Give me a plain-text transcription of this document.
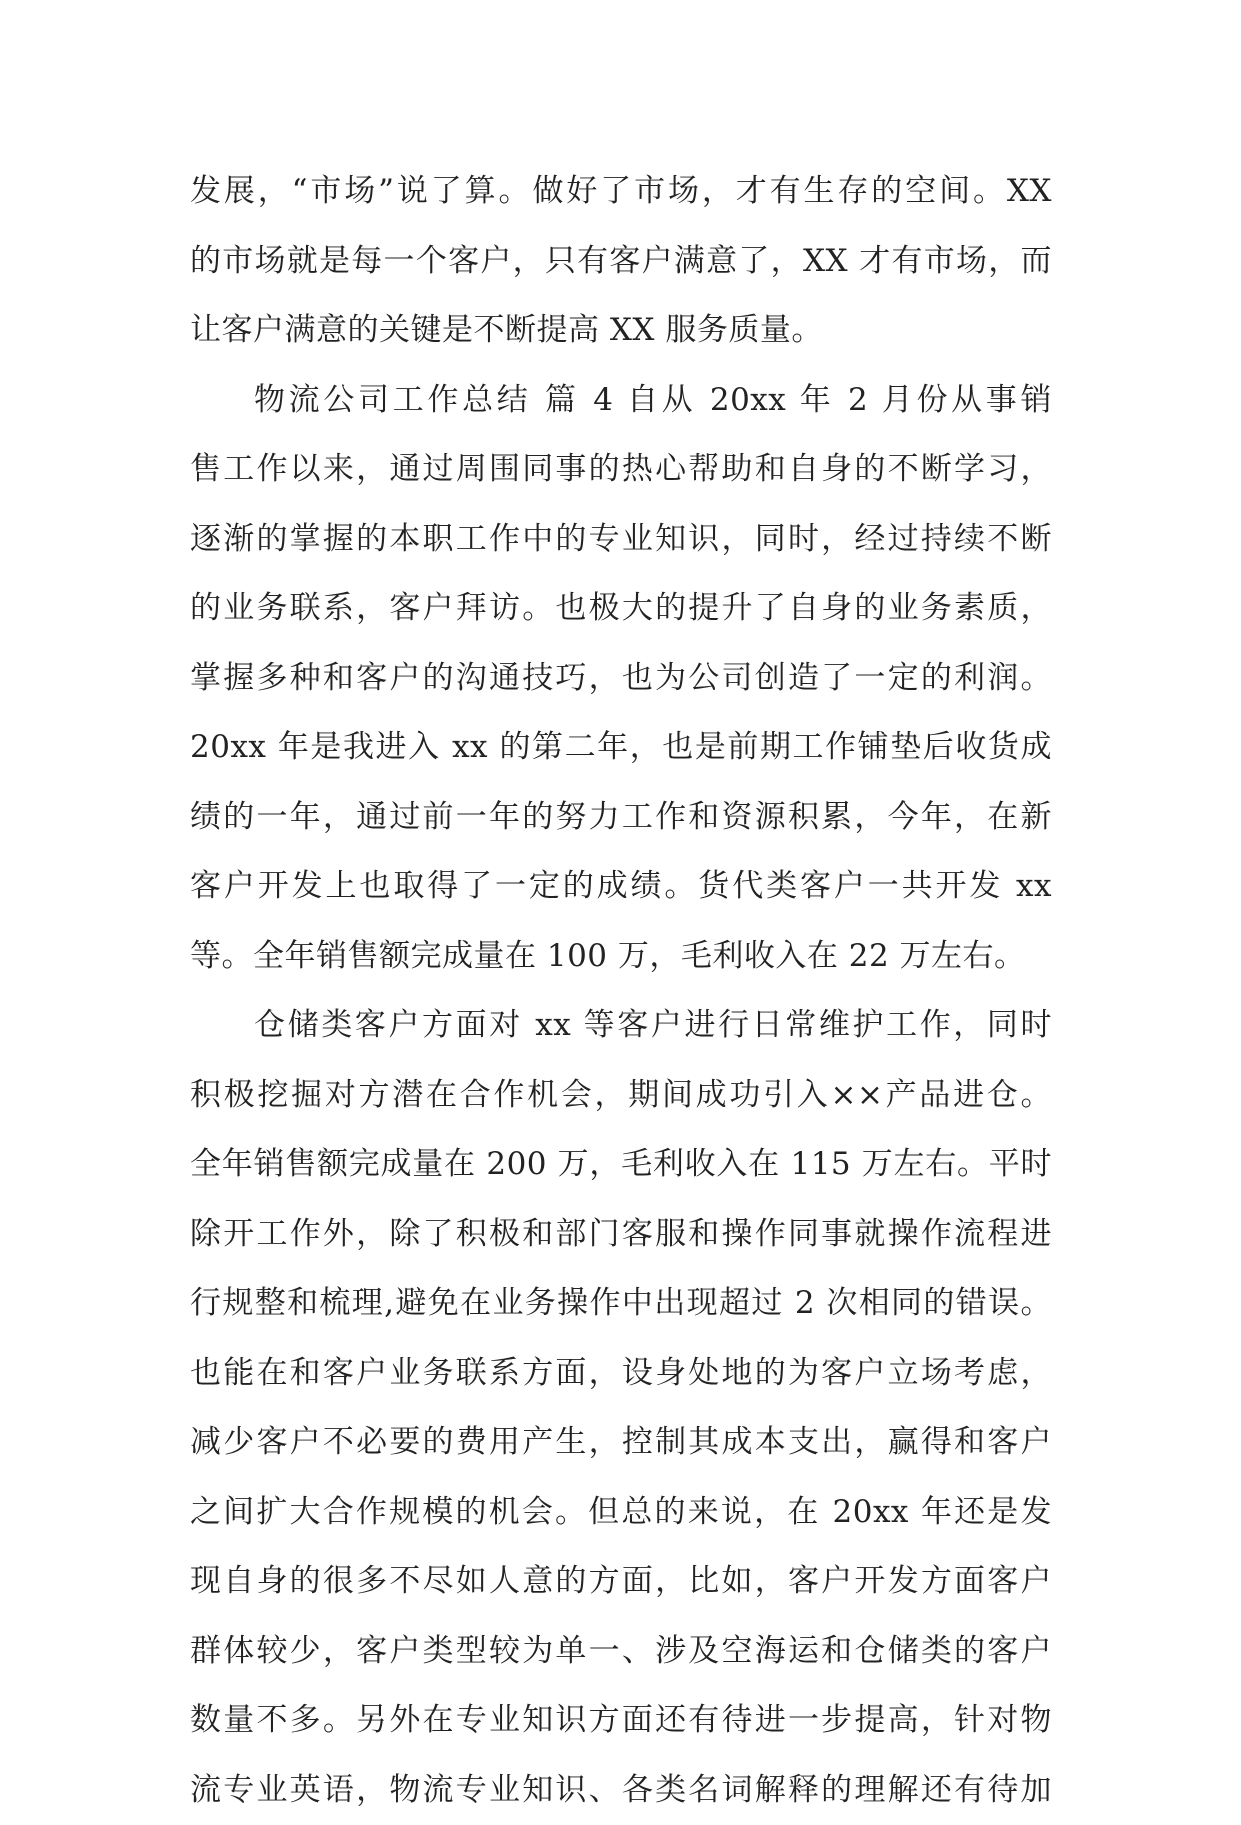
发展，“市场”说了算。做好了市场，才有生存的空间。XX
的市场就是每一个客户，只有客户满意了，XX 才有市场，而
让客户满意的关键是不断提高 XX 服务质量。
物流公司工作总结 篇 4 自从 20xx 年 2 月份从事销
售工作以来，通过周围同事的热心帮助和自身的不断学习，
逐渐的掌握的本职工作中的专业知识，同时，经过持续不断
的业务联系，客户拜访。也极大的提升了自身的业务素质，
掌握多种和客户的沟通技巧，也为公司创造了一定的利润。
20xx 年是我进入 xx 的第二年，也是前期工作铺垫后收货成
绩的一年，通过前一年的努力工作和资源积累，今年，在新
客户开发上也取得了一定的成绩。货代类客户一共开发 xx
等。全年销售额完成量在 100 万，毛利收入在 22 万左右。
仓储类客户方面对 xx 等客户进行日常维护工作，同时
积极挖掘对方潜在合作机会，期间成功引入××产品进仓。
全年销售额完成量在 200 万，毛利收入在 115 万左右。平时
除开工作外，除了积极和部门客服和操作同事就操作流程进
行规整和梳理,避免在业务操作中出现超过 2 次相同的错误。
也能在和客户业务联系方面，设身处地的为客户立场考虑，
减少客户不必要的费用产生，控制其成本支出，赢得和客户
之间扩大合作规模的机会。但总的来说，在 20xx 年还是发
现自身的很多不尽如人意的方面，比如，客户开发方面客户
群体较少，客户类型较为单一、涉及空海运和仓储类的客户
数量不多。另外在专业知识方面还有待进一步提高，针对物
流专业英语，物流专业知识、各类名词解释的理解还有待加
